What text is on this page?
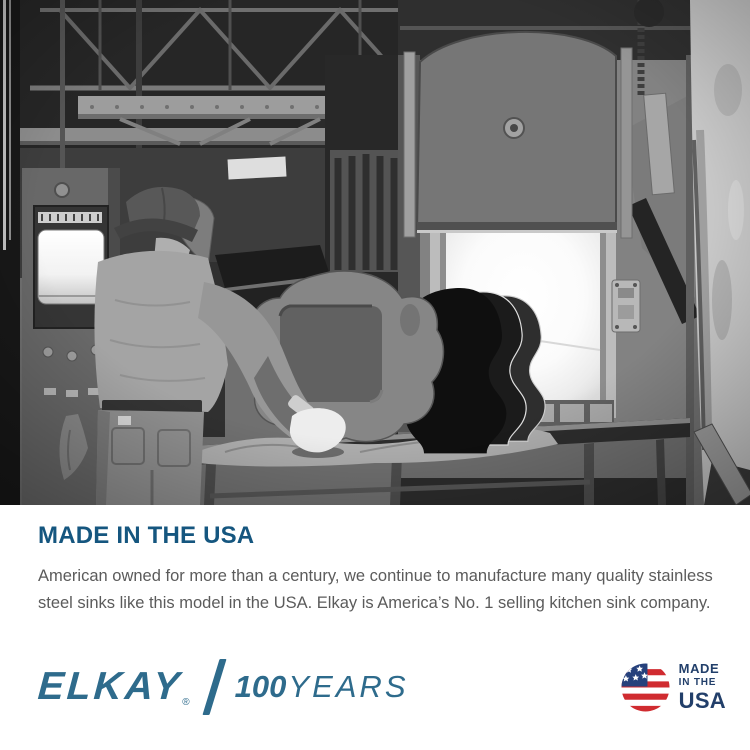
MADE IN THE USA

American owned for more than a century, we continue to manufacture many quality stainless steel sinks like this model in the USA. Elkay is America’s No. 1 selling kitchen sink company.

ELKAY
® 100 YEARS
MADE
IN THE
USA
